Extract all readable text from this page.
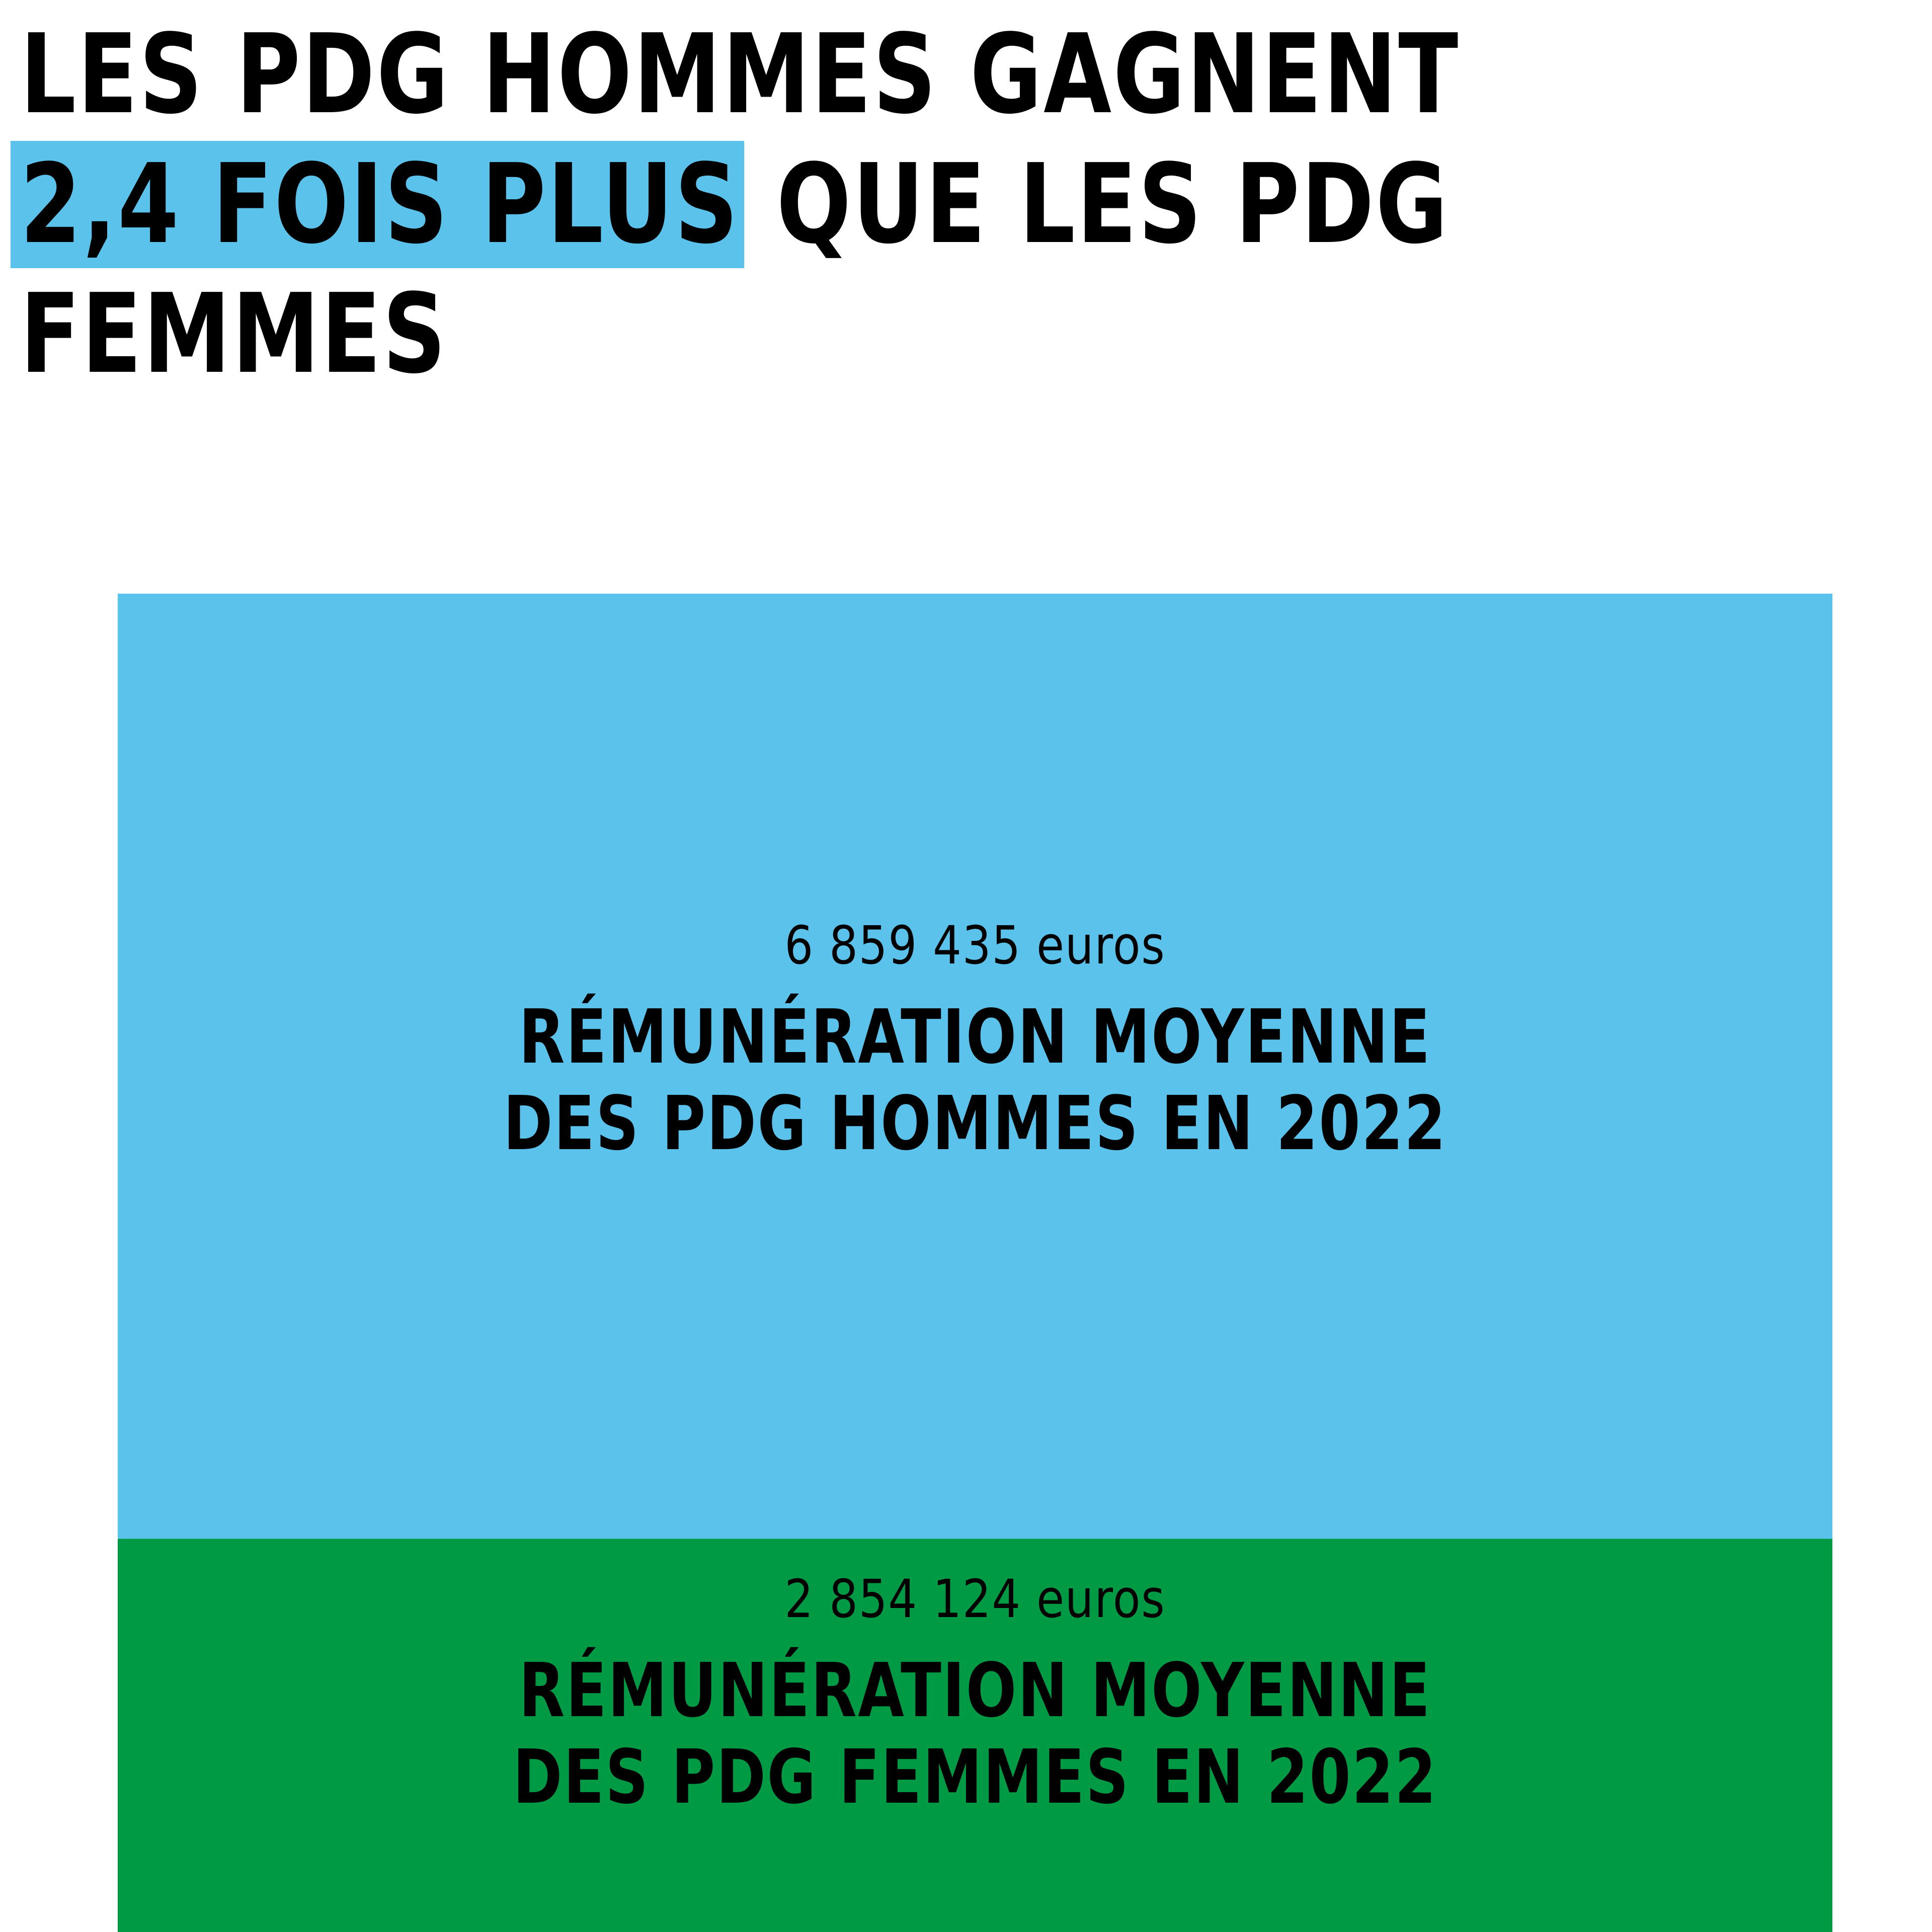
LES PDG HOMMES GAGNENT
2,4 FOIS PLUS QUE LES PDG
FEMMES
6 859 435 euros
RÉMUNÉRATION MOYENNE
DES PDG HOMMES EN 2022
2 854 124 euros
RÉMUNÉRATION MOYENNE
DES PDG FEMMES EN 2022
